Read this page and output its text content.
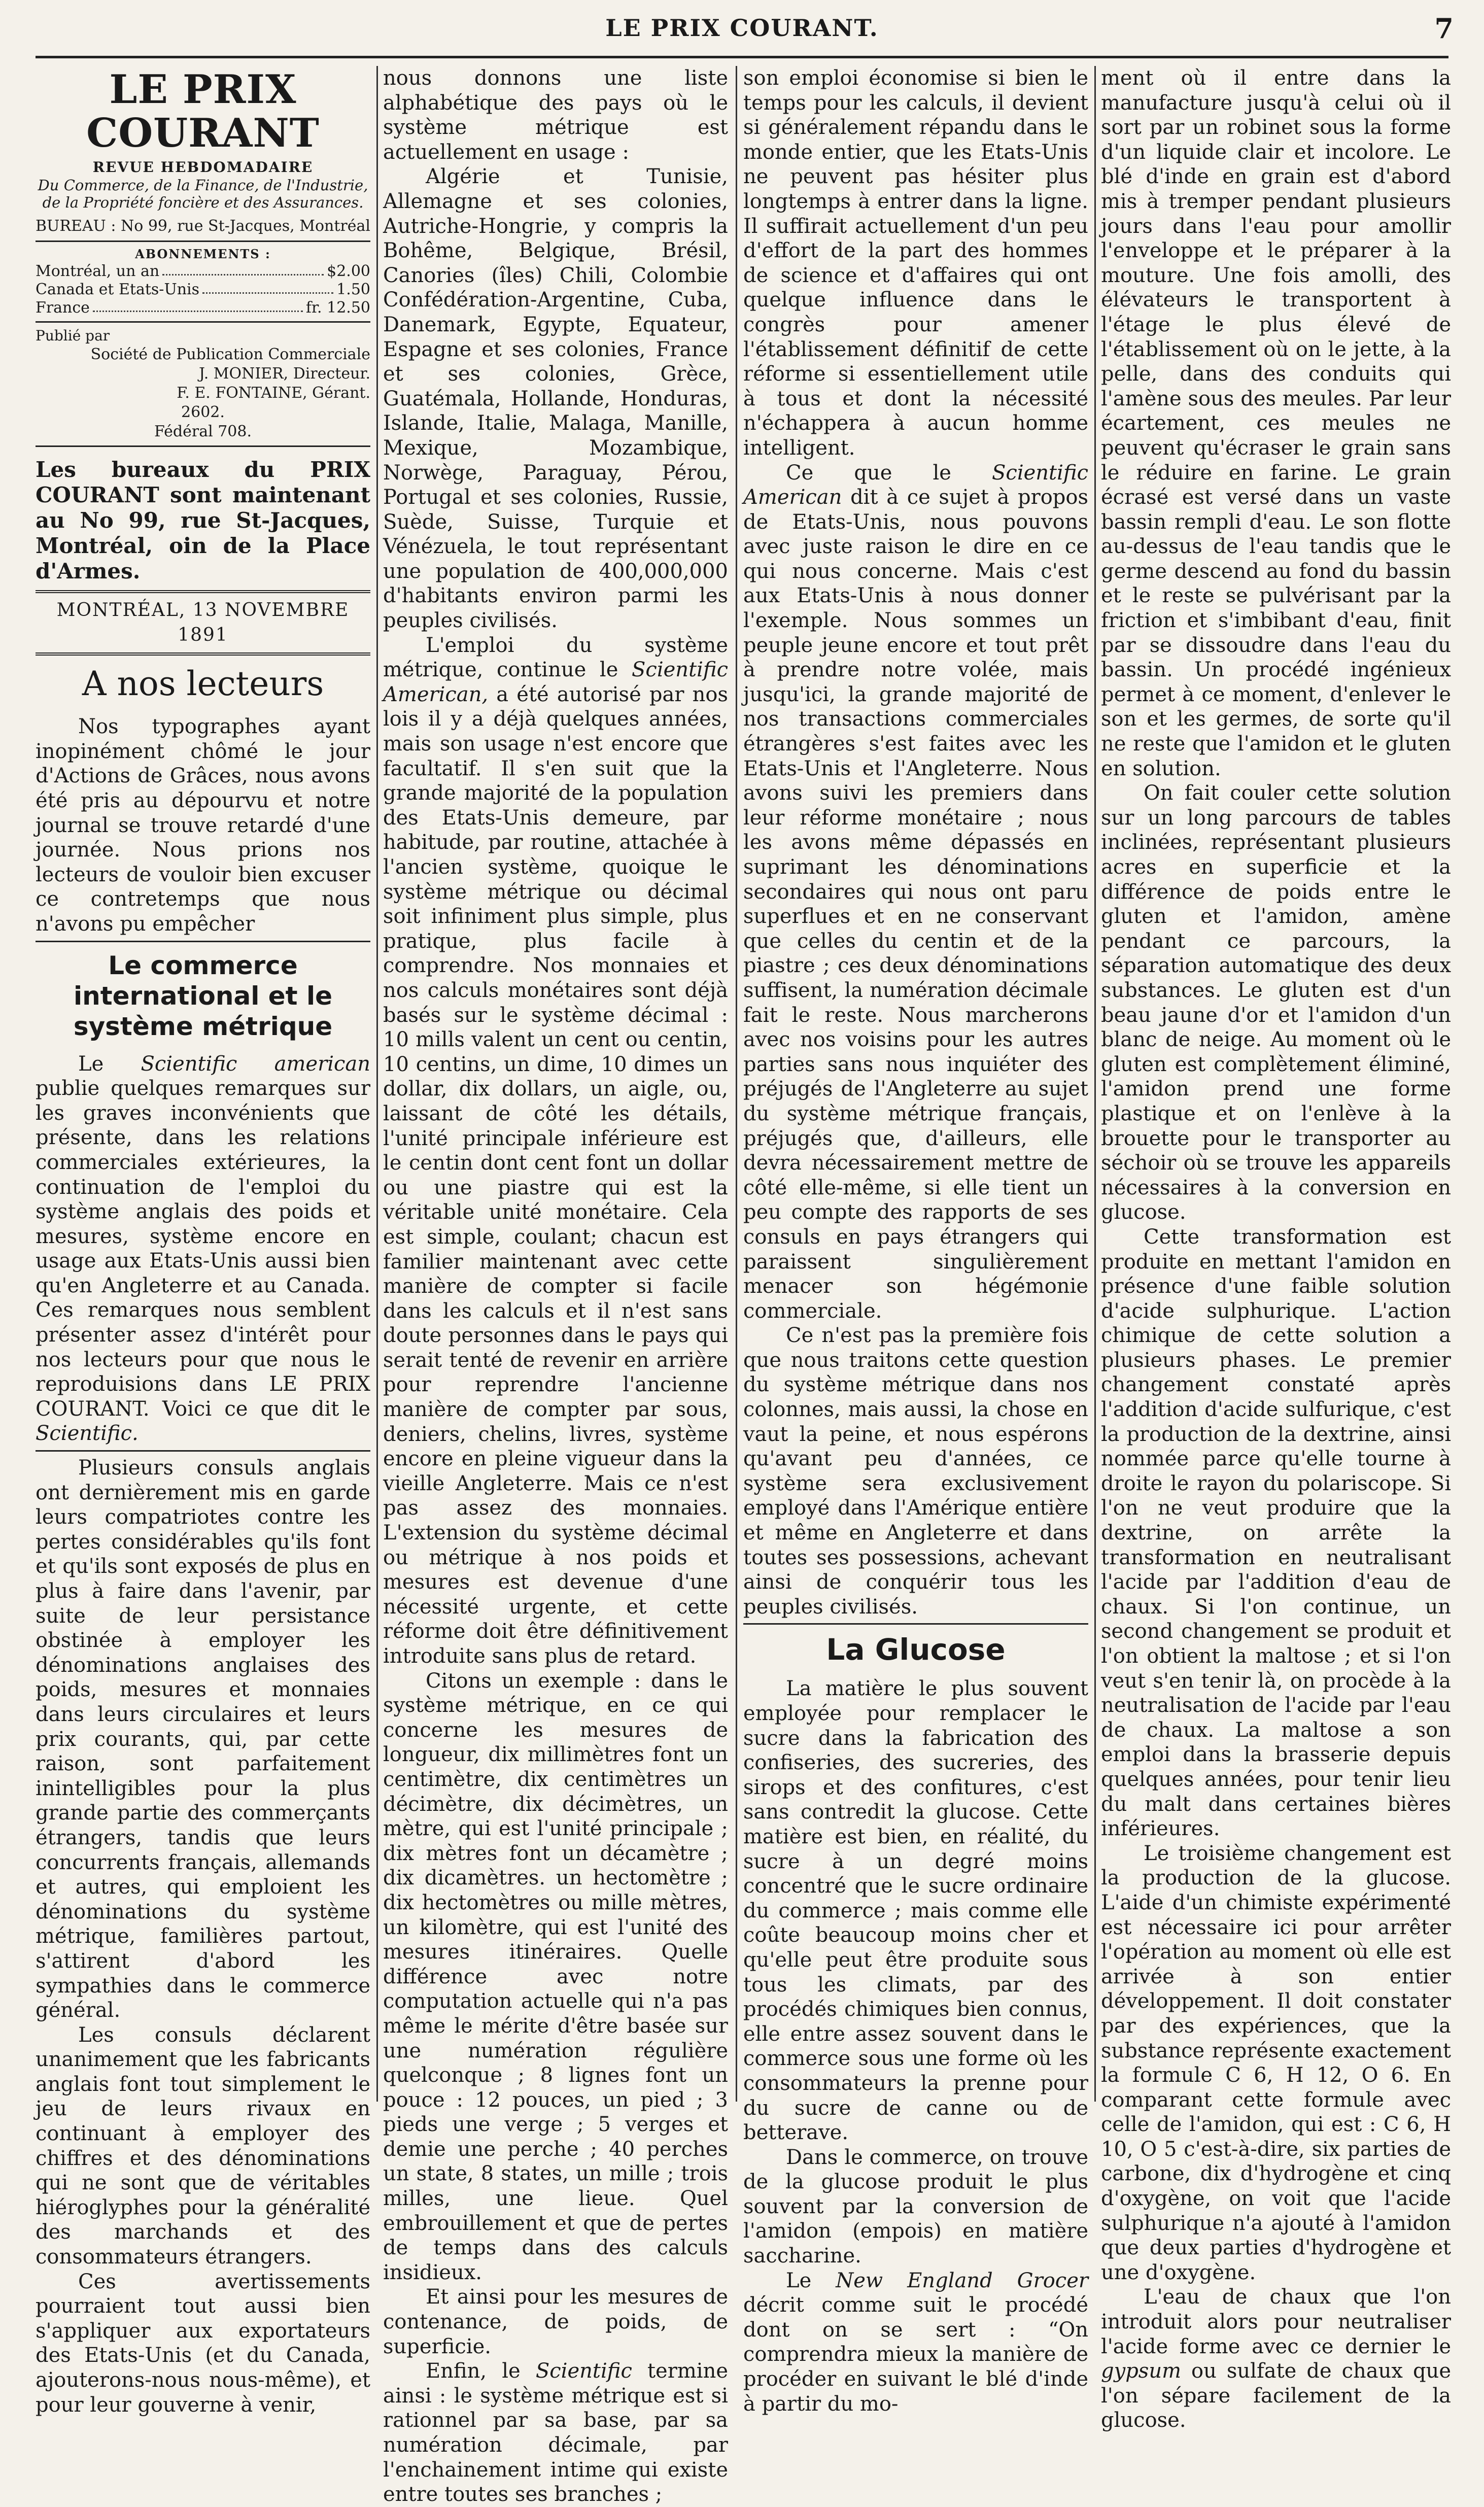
LE PRIX COURANT.	7
LE PRIX COURANT
REVUE HEBDOMADAIRE
Du Commerce, de la Finance, de l'Industrie,
de la Propriété foncière et des Assurances.
BUREAU : No 99, rue St-Jacques, Montréal
ABONNEMENTS :
Montréal, un an	$2.00
Canada et Etats-Unis	1.50
France	fr. 12.50
Publié par
Société de Publication Commerciale
J. MONIER, Directeur.
F. E. FONTAINE, Gérant.
2602.
Fédéral 708.
Les bureaux du PRIX COURANT sont maintenant au No 99, rue St-Jacques, Montréal, oin de la Place d'Armes.
MONTRÉAL, 13 NOVEMBRE 1891
A nos lecteurs

Nos typographes ayant inopinément chômé le jour d'Actions de Grâces, nous avons été pris au dépourvu et notre journal se trouve retardé d'une journée. Nous prions nos lecteurs de vouloir bien excuser ce contretemps que nous n'avons pu empêcher

Le commerce international et le système métrique

Le Scientific american publie quelques remarques sur les graves inconvénients que présente, dans les relations commerciales extérieures, la continuation de l'emploi du système anglais des poids et mesures, système encore en usage aux Etats-Unis aussi bien qu'en Angleterre et au Canada. Ces remarques nous semblent présenter assez d'intérêt pour nos lecteurs pour que nous le reproduisions dans LE PRIX COURANT. Voici ce que dit le Scientific.

Plusieurs consuls anglais ont dernièrement mis en garde leurs compatriotes contre les pertes considérables qu'ils font et qu'ils sont exposés de plus en plus à faire dans l'avenir, par suite de leur persistance obstinée à employer les dénominations anglaises des poids, mesures et monnaies dans leurs circulaires et leurs prix courants, qui, par cette raison, sont parfaitement inintelligibles pour la plus grande partie des commerçants étrangers, tandis que leurs concurrents français, allemands et autres, qui emploient les dénominations du système métrique, familières partout, s'attirent d'abord les sympathies dans le commerce général.

Les consuls déclarent unanimement que les fabricants anglais font tout simplement le jeu de leurs rivaux en continuant à employer des chiffres et des dénominations qui ne sont que de véritables hiéroglyphes pour la généralité des marchands et des consommateurs étrangers.

Ces avertissements pourraient tout aussi bien s'appliquer aux exportateurs des Etats-Unis (et du Canada, ajouterons-nous nous-même), et pour leur gouverne à venir,

nous donnons une liste alphabétique des pays où le système métrique est actuellement en usage :

Algérie et Tunisie, Allemagne et ses colonies, Autriche-Hongrie, y compris la Bohême, Belgique, Brésil, Canories (îles) Chili, Colombie Confédération-Argentine, Cuba, Danemark, Egypte, Equateur, Espagne et ses colonies, France et ses colonies, Grèce, Guatémala, Hollande, Honduras, Islande, Italie, Malaga, Manille, Mexique, Mozambique, Norwège, Paraguay, Pérou, Portugal et ses colonies, Russie, Suède, Suisse, Turquie et Vénézuela, le tout représentant une population de 400,000,000 d'habitants environ parmi les peuples civilisés.

L'emploi du système métrique, continue le Scientific American, a été autorisé par nos lois il y a déjà quelques années, mais son usage n'est encore que facultatif. Il s'en suit que la grande majorité de la population des Etats-Unis demeure, par habitude, par routine, attachée à l'ancien système, quoique le système métrique ou décimal soit infiniment plus simple, plus pratique, plus facile à comprendre. Nos monnaies et nos calculs monétaires sont déjà basés sur le système décimal : 10 mills valent un cent ou centin, 10 centins, un dime, 10 dimes un dollar, dix dollars, un aigle, ou, laissant de côté les détails, l'unité principale inférieure est le centin dont cent font un dollar ou une piastre qui est la véritable unité monétaire. Cela est simple, coulant; chacun est familier maintenant avec cette manière de compter si facile dans les calculs et il n'est sans doute personnes dans le pays qui serait tenté de revenir en arrière pour reprendre l'ancienne manière de compter par sous, deniers, chelins, livres, système encore en pleine vigueur dans la vieille Angleterre. Mais ce n'est pas assez des monnaies. L'extension du système décimal ou métrique à nos poids et mesures est devenue d'une nécessité urgente, et cette réforme doit être définitivement introduite sans plus de retard.

Citons un exemple : dans le système métrique, en ce qui concerne les mesures de longueur, dix millimètres font un centimètre, dix centimètres un décimètre, dix décimètres, un mètre, qui est l'unité principale ; dix mètres font un décamètre ; dix dicamètres. un hectomètre ; dix hectomètres ou mille mètres, un kilomètre, qui est l'unité des mesures itinéraires. Quelle différence avec notre computation actuelle qui n'a pas même le mérite d'être basée sur une numération régulière quelconque ; 8 lignes font un pouce : 12 pouces, un pied ; 3 pieds une verge ; 5 verges et demie une perche ; 40 perches un state, 8 states, un mille ; trois milles, une lieue. Quel embrouillement et que de pertes de temps dans des calculs insidieux.

Et ainsi pour les mesures de contenance, de poids, de superficie.

Enfin, le Scientific termine ainsi : le système métrique est si rationnel par sa base, par sa numération décimale, par l'enchainement intime qui existe entre toutes ses branches ;

son emploi économise si bien le temps pour les calculs, il devient si généralement répandu dans le monde entier, que les Etats-Unis ne peuvent pas hésiter plus longtemps à entrer dans la ligne. Il suffirait actuellement d'un peu d'effort de la part des hommes de science et d'affaires qui ont quelque influence dans le congrès pour amener l'établissement définitif de cette réforme si essentiellement utile à tous et dont la nécessité n'échappera à aucun homme intelligent.

Ce que le Scientific American dit à ce sujet à propos de Etats-Unis, nous pouvons avec juste raison le dire en ce qui nous concerne. Mais c'est aux Etats-Unis à nous donner l'exemple. Nous sommes un peuple jeune encore et tout prêt à prendre notre volée, mais jusqu'ici, la grande majorité de nos transactions commerciales étrangères s'est faites avec les Etats-Unis et l'Angleterre. Nous avons suivi les premiers dans leur réforme monétaire ; nous les avons même dépassés en suprimant les dénominations secondaires qui nous ont paru superflues et en ne conservant que celles du centin et de la piastre ; ces deux dénominations suffisent, la numération décimale fait le reste. Nous marcherons avec nos voisins pour les autres parties sans nous inquiéter des préjugés de l'Angleterre au sujet du système métrique français, préjugés que, d'ailleurs, elle devra nécessairement mettre de côté elle-même, si elle tient un peu compte des rapports de ses consuls en pays étrangers qui paraissent singulièrement menacer son hégémonie commerciale.

Ce n'est pas la première fois que nous traitons cette question du système métrique dans nos colonnes, mais aussi, la chose en vaut la peine, et nous espérons qu'avant peu d'années, ce système sera exclusivement employé dans l'Amérique entière et même en Angleterre et dans toutes ses possessions, achevant ainsi de conquérir tous les peuples civilisés.

La Glucose

La matière le plus souvent employée pour remplacer le sucre dans la fabrication des confiseries, des sucreries, des sirops et des confitures, c'est sans contredit la glucose. Cette matière est bien, en réalité, du sucre à un degré moins concentré que le sucre ordinaire du commerce ; mais comme elle coûte beaucoup moins cher et qu'elle peut être produite sous tous les climats, par des procédés chimiques bien connus, elle entre assez souvent dans le commerce sous une forme où les consommateurs la prenne pour du sucre de canne ou de betterave.

Dans le commerce, on trouve de la glucose produit le plus souvent par la conversion de l'amidon (empois) en matière saccharine.

Le New England Grocer décrit comme suit le procédé dont on se sert : “On comprendra mieux la manière de procéder en suivant le blé d'inde à partir du mo-

ment où il entre dans la manufacture jusqu'à celui où il sort par un robinet sous la forme d'un liquide clair et incolore. Le blé d'inde en grain est d'abord mis à tremper pendant plusieurs jours dans l'eau pour amollir l'enveloppe et le préparer à la mouture. Une fois amolli, des élévateurs le transportent à l'étage le plus élevé de l'établissement où on le jette, à la pelle, dans des conduits qui l'amène sous des meules. Par leur écartement, ces meules ne peuvent qu'écraser le grain sans le réduire en farine. Le grain écrasé est versé dans un vaste bassin rempli d'eau. Le son flotte au-dessus de l'eau tandis que le germe descend au fond du bassin et le reste se pulvérisant par la friction et s'imbibant d'eau, finit par se dissoudre dans l'eau du bassin. Un procédé ingénieux permet à ce moment, d'enlever le son et les germes, de sorte qu'il ne reste que l'amidon et le gluten en solution.

On fait couler cette solution sur un long parcours de tables inclinées, représentant plusieurs acres en superficie et la différence de poids entre le gluten et l'amidon, amène pendant ce parcours, la séparation automatique des deux substances. Le gluten est d'un beau jaune d'or et l'amidon d'un blanc de neige. Au moment où le gluten est complètement éliminé, l'amidon prend une forme plastique et on l'enlève à la brouette pour le transporter au séchoir où se trouve les appareils nécessaires à la conversion en glucose.

Cette transformation est produite en mettant l'amidon en présence d'une faible solution d'acide sulphurique. L'action chimique de cette solution a plusieurs phases. Le premier changement constaté après l'addition d'acide sulfurique, c'est la production de la dextrine, ainsi nommée parce qu'elle tourne à droite le rayon du polariscope. Si l'on ne veut produire que la dextrine, on arrête la transformation en neutralisant l'acide par l'addition d'eau de chaux. Si l'on continue, un second changement se produit et l'on obtient la maltose ; et si l'on veut s'en tenir là, on procède à la neutralisation de l'acide par l'eau de chaux. La maltose a son emploi dans la brasserie depuis quelques années, pour tenir lieu du malt dans certaines bières inférieures.

Le troisième changement est la production de la glucose. L'aide d'un chimiste expérimenté est nécessaire ici pour arrêter l'opération au moment où elle est arrivée à son entier développement. Il doit constater par des expériences, que la substance représente exactement la formule C 6, H 12, O 6. En comparant cette formule avec celle de l'amidon, qui est : C 6, H 10, O 5 c'est-à-dire, six parties de carbone, dix d'hydrogène et cinq d'oxygène, on voit que l'acide sulphurique n'a ajouté à l'amidon que deux parties d'hydrogène et une d'oxygène.

L'eau de chaux que l'on introduit alors pour neutraliser l'acide forme avec ce dernier le gypsum ou sulfate de chaux que l'on sépare facilement de la glucose.
